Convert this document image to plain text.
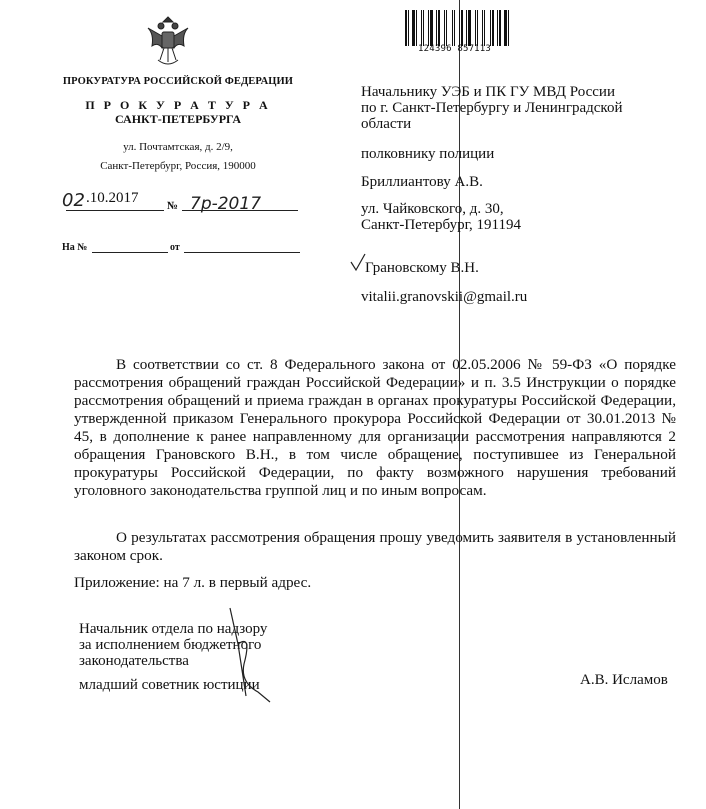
124396 857113
ПРОКУРАТУРА РОССИЙСКОЙ ФЕДЕРАЦИИ
П Р О К У Р А Т У Р А
САНКТ-ПЕТЕРБУРГА
ул. Почтамтская, д. 2/9,
Санкт-Петербург, Россия, 190000
02 .10.2017	№ 7р-2017
На №	от
Начальнику УЭБ и ПК ГУ МВД России
по г. Санкт-Петербургу и Ленинградской
области
полковнику полиции
Бриллиантову А.В.
ул. Чайковского, д. 30,
Санкт-Петербург, 191194
Грановскому В.Н.
vitalii.granovskii@gmail.ru
В соответствии со ст. 8 Федерального закона от 02.05.2006 № 59-ФЗ «О порядке рассмотрения обращений граждан Российской Федерации» и п. 3.5 Инструкции о порядке рассмотрения обращений и приема граждан в органах прокуратуры Российской Федерации, утвержденной приказом Генерального прокурора Российской Федерации от 30.01.2013 № 45, в дополнение к ранее направленному для организации рассмотрения направляются 2 обращения Грановского В.Н., в том числе обращение, поступившее из Генеральной прокуратуры Российской Федерации, по факту возможного нарушения требований уголовного законодательства группой лиц и по иным вопросам.
О результатах рассмотрения обращения прошу уведомить заявителя в установленный законом срок.
Приложение: на 7 л. в первый адрес.
Начальник отдела по надзору
за исполнением бюджетного
законодательства
младший советник юстиции	А.В. Исламов
